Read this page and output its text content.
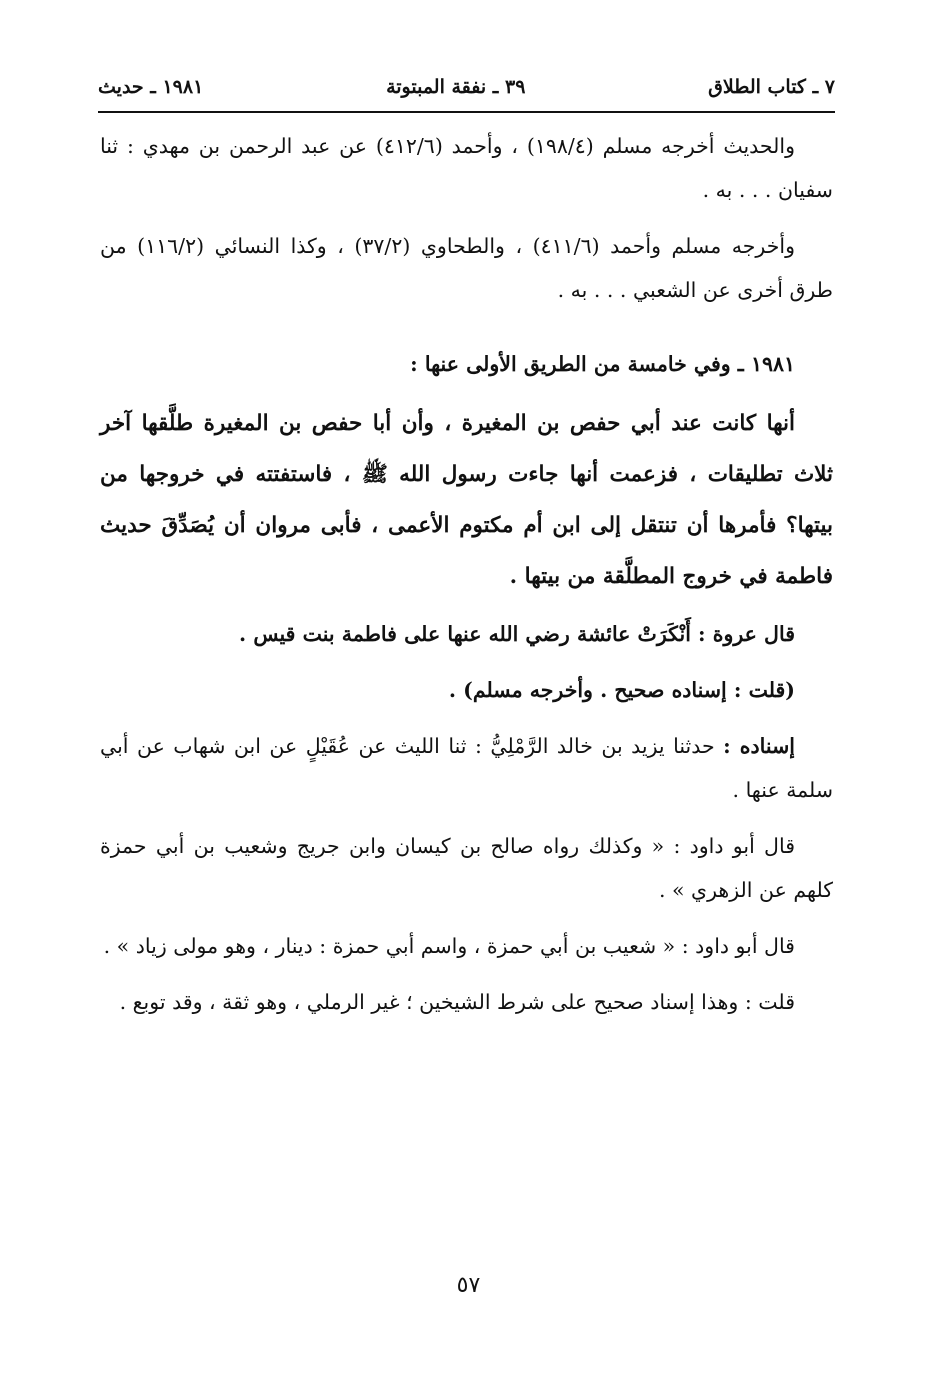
٧ ـ كتاب الطلاق
٣٩ ـ نفقة المبتوتة
١٩٨١ ـ حديث

والحديث أخرجه مسلم (١٩٨/٤) ، وأحمد (٤١٢/٦) عن عبد الرحمن بن مهدي : ثنا سفيان . . . به .

وأخرجه مسلم وأحمد (٤١١/٦) ، والطحاوي (٣٧/٢) ، وكذا النسائي (١١٦/٢) من طرق أخرى عن الشعبي . . . به .

١٩٨١ ـ وفي خامسة من الطريق الأولى عنها :

أنها كانت عند أبي حفص بن المغيرة ، وأن أبا حفص بن المغيرة طلَّقها آخر ثلاث تطليقات ، فزعمت أنها جاءت رسول الله ﷺ ، فاستفتته في خروجها من بيتها؟ فأمرها أن تنتقل إلى ابن أم مكتوم الأعمى ، فأبى مروان أن يُصَدِّقَ حديث فاطمة في خروج المطلَّقة من بيتها .

قال عروة : أَنْكَرَتْ عائشة رضي الله عنها على فاطمة بنت قيس .

(قلت : إسناده صحيح . وأخرجه مسلم) .

إسناده : حدثنا يزيد بن خالد الرَّمْلِيُّ : ثنا الليث عن عُقَيْلٍ عن ابن شهاب عن أبي سلمة عنها .

قال أبو داود : « وكذلك رواه صالح بن كيسان وابن جريج وشعيب بن أبي حمزة كلهم عن الزهري » .

قال أبو داود : « شعيب بن أبي حمزة ، واسم أبي حمزة : دينار ، وهو مولى زياد » .

قلت : وهذا إسناد صحيح على شرط الشيخين ؛ غير الرملي ، وهو ثقة ، وقد توبع .

٥٧
